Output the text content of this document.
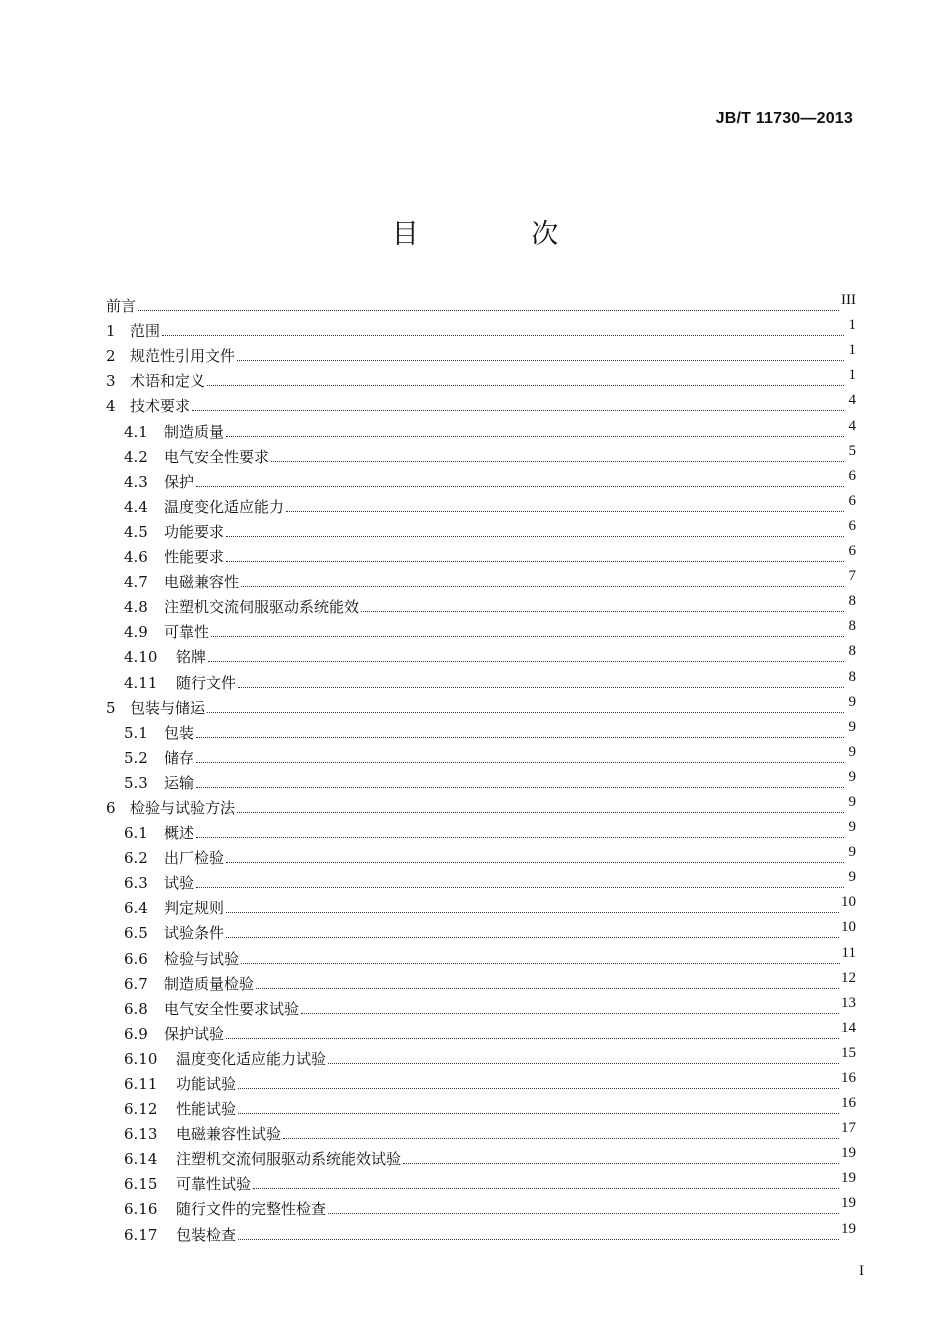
JB/T 11730—2013
目 次
前言	III
1 范围	1
2 规范性引用文件	1
3 术语和定义	1
4 技术要求	4
4.1	制造质量	4
4.2	电气安全性要求	5
4.3	保护	6
4.4	温度变化适应能力	6
4.5	功能要求	6
4.6	性能要求	6
4.7	电磁兼容性	7
4.8	注塑机交流伺服驱动系统能效	8
4.9	可靠性	8
4.10	铭牌	8
4.11	随行文件	8
5 包装与储运	9
5.1	包装	9
5.2	储存	9
5.3	运输	9
6 检验与试验方法	9
6.1	概述	9
6.2	出厂检验	9
6.3	试验	9
6.4	判定规则	10
6.5	试验条件	10
6.6	检验与试验	11
6.7	制造质量检验	12
6.8	电气安全性要求试验	13
6.9	保护试验	14
6.10	温度变化适应能力试验	15
6.11	功能试验	16
6.12	性能试验	16
6.13	电磁兼容性试验	17
6.14	注塑机交流伺服驱动系统能效试验	19
6.15	可靠性试验	19
6.16	随行文件的完整性检查	19
6.17	包装检查	19
I
